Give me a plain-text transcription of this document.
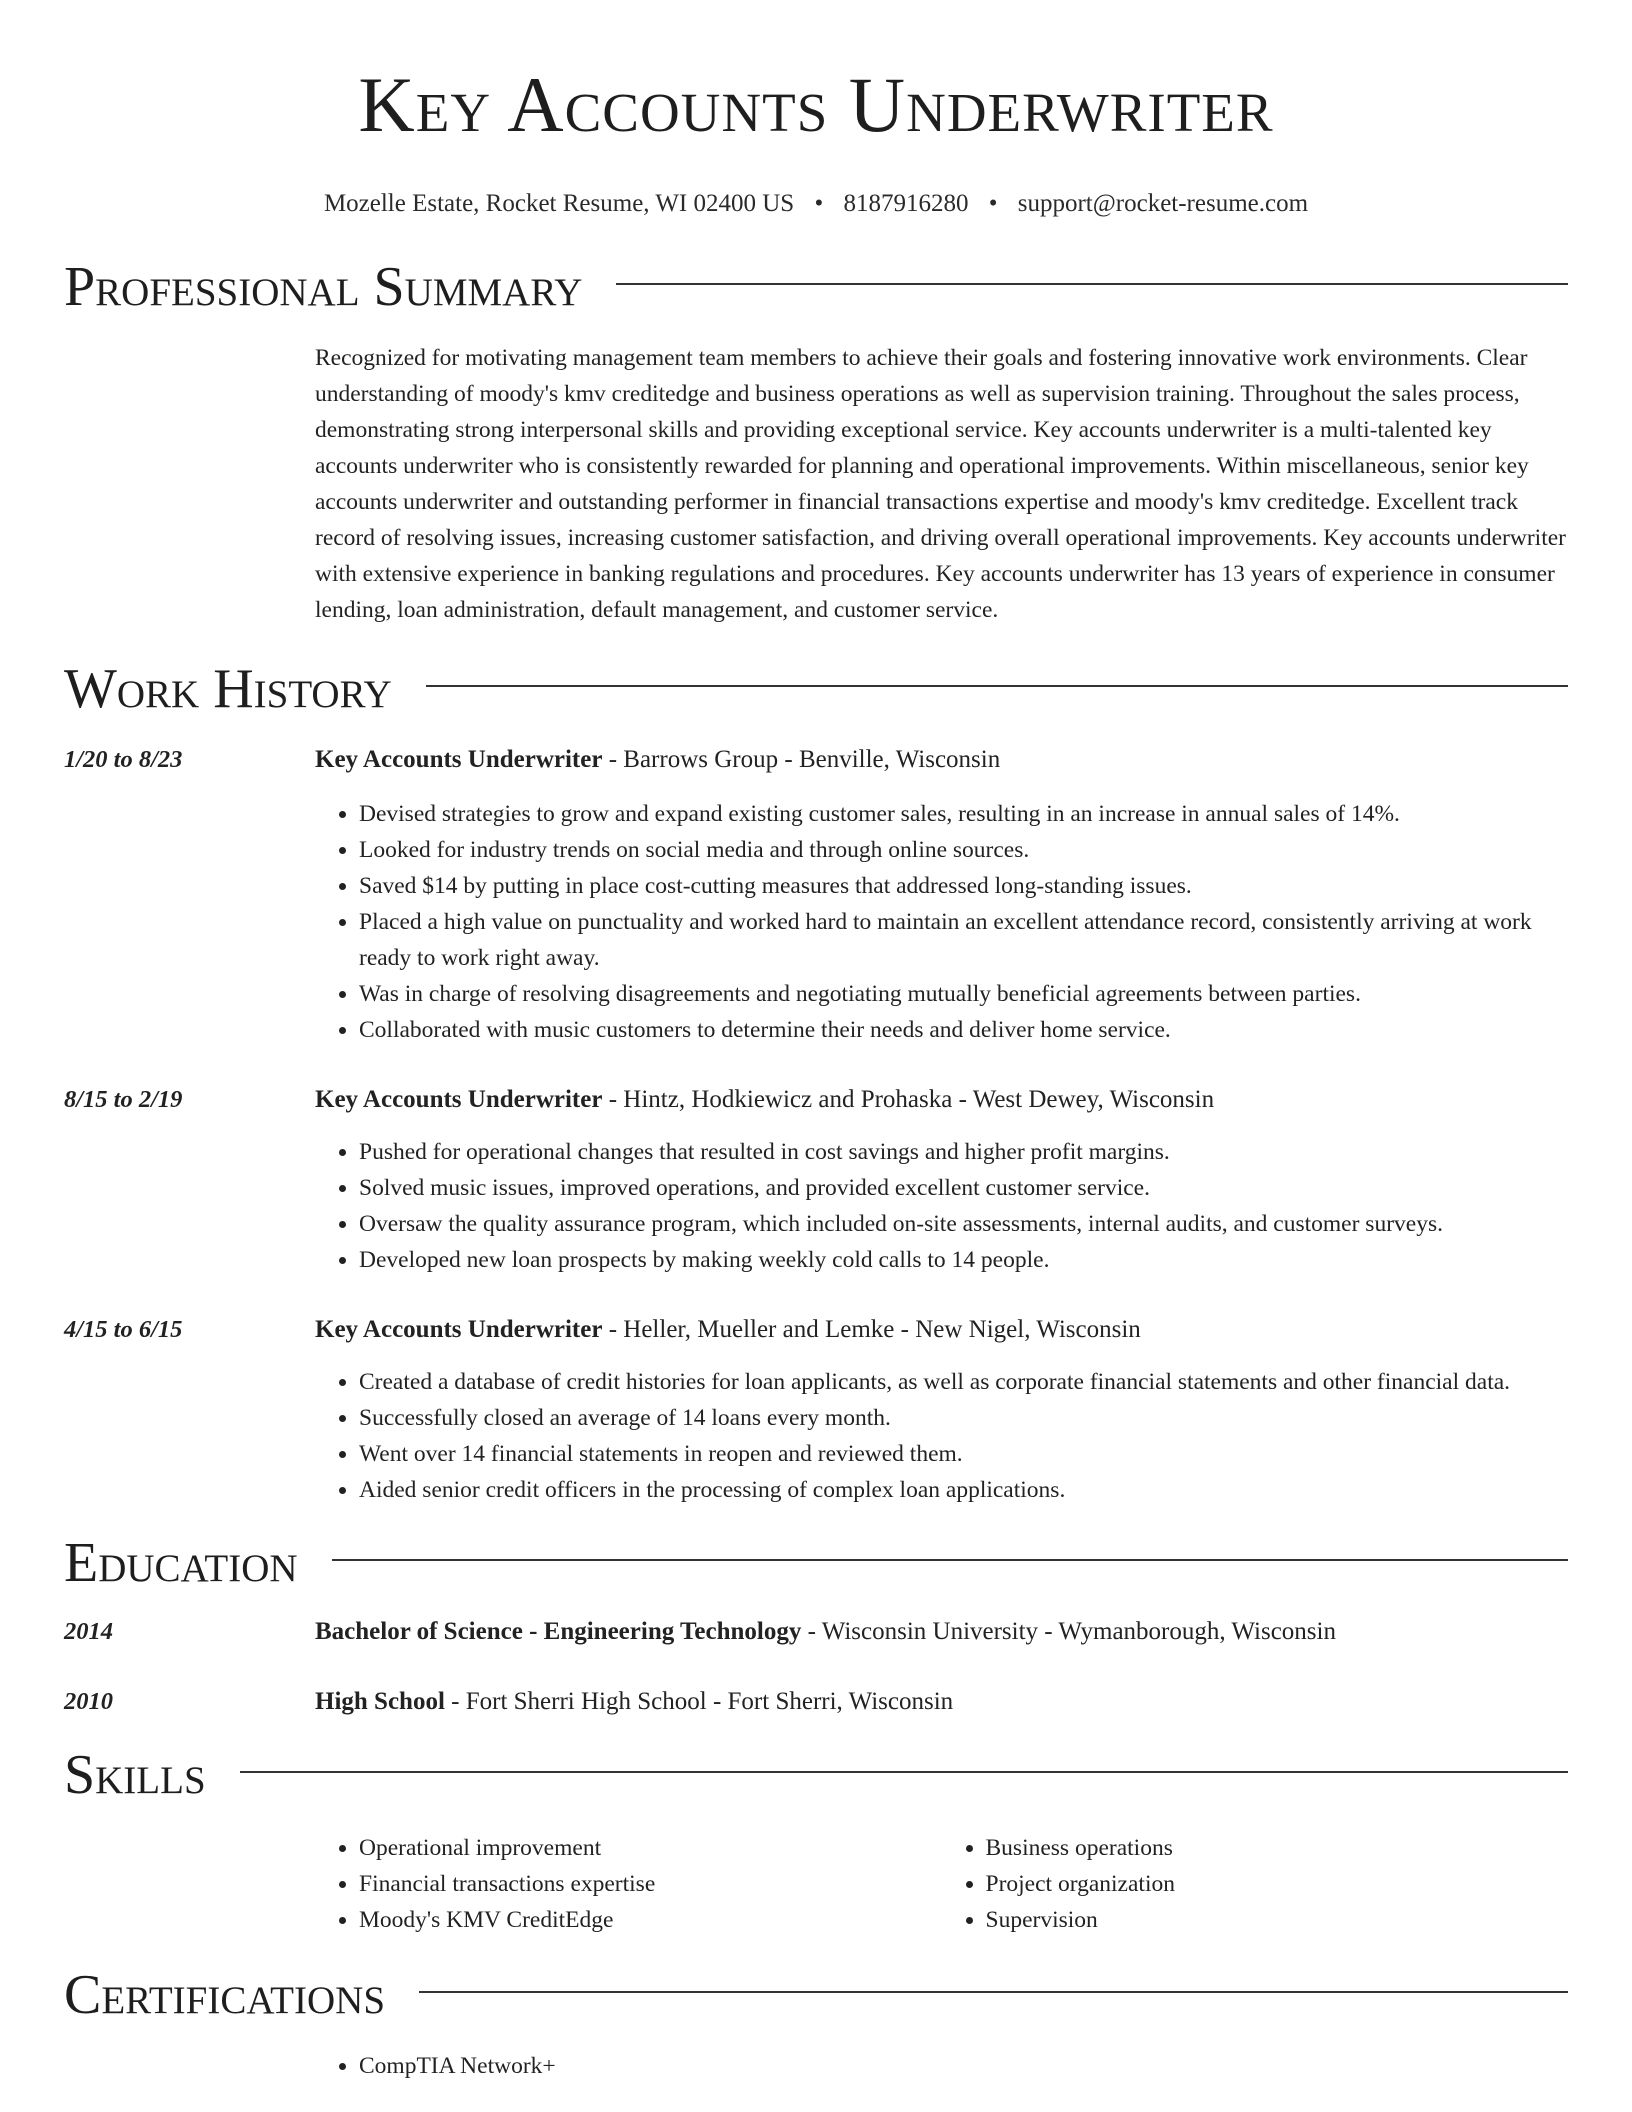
Key Accounts Underwriter
Mozelle Estate, Rocket Resume, WI 02400 US • 8187916280 • support@rocket-resume.com
Professional Summary

Recognized for motivating management team members to achieve their goals and fostering innovative work environments. Clear understanding of moody's kmv creditedge and business operations as well as supervision training. Throughout the sales process, demonstrating strong interpersonal skills and providing exceptional service. Key accounts underwriter is a multi-talented key accounts underwriter who is consistently rewarded for planning and operational improvements. Within miscellaneous, senior key accounts underwriter and outstanding performer in financial transactions expertise and moody's kmv creditedge. Excellent track record of resolving issues, increasing customer satisfaction, and driving overall operational improvements. Key accounts underwriter with extensive experience in banking regulations and procedures. Key accounts underwriter has 13 years of experience in consumer lending, loan administration, default management, and customer service.

Work History
1/20 to 8/23	Key Accounts Underwriter - Barrows Group - Benville, Wisconsin
• Devised strategies to grow and expand existing customer sales, resulting in an increase in annual sales of 14%.
• Looked for industry trends on social media and through online sources.
• Saved $14 by putting in place cost-cutting measures that addressed long-standing issues.
• Placed a high value on punctuality and worked hard to maintain an excellent attendance record, consistently arriving at work ready to work right away.
• Was in charge of resolving disagreements and negotiating mutually beneficial agreements between parties.
• Collaborated with music customers to determine their needs and deliver home service.
8/15 to 2/19	Key Accounts Underwriter - Hintz, Hodkiewicz and Prohaska - West Dewey, Wisconsin
• Pushed for operational changes that resulted in cost savings and higher profit margins.
• Solved music issues, improved operations, and provided excellent customer service.
• Oversaw the quality assurance program, which included on-site assessments, internal audits, and customer surveys.
• Developed new loan prospects by making weekly cold calls to 14 people.
4/15 to 6/15	Key Accounts Underwriter - Heller, Mueller and Lemke - New Nigel, Wisconsin
• Created a database of credit histories for loan applicants, as well as corporate financial statements and other financial data.
• Successfully closed an average of 14 loans every month.
• Went over 14 financial statements in reopen and reviewed them.
• Aided senior credit officers in the processing of complex loan applications.
Education
2014	Bachelor of Science - Engineering Technology - Wisconsin University - Wymanborough, Wisconsin
2010	High School - Fort Sherri High School - Fort Sherri, Wisconsin
Skills
• Operational improvement
• Financial transactions expertise
• Moody's KMV CreditEdge
• Business operations
• Project organization
• Supervision
Certifications
• CompTIA Network+
